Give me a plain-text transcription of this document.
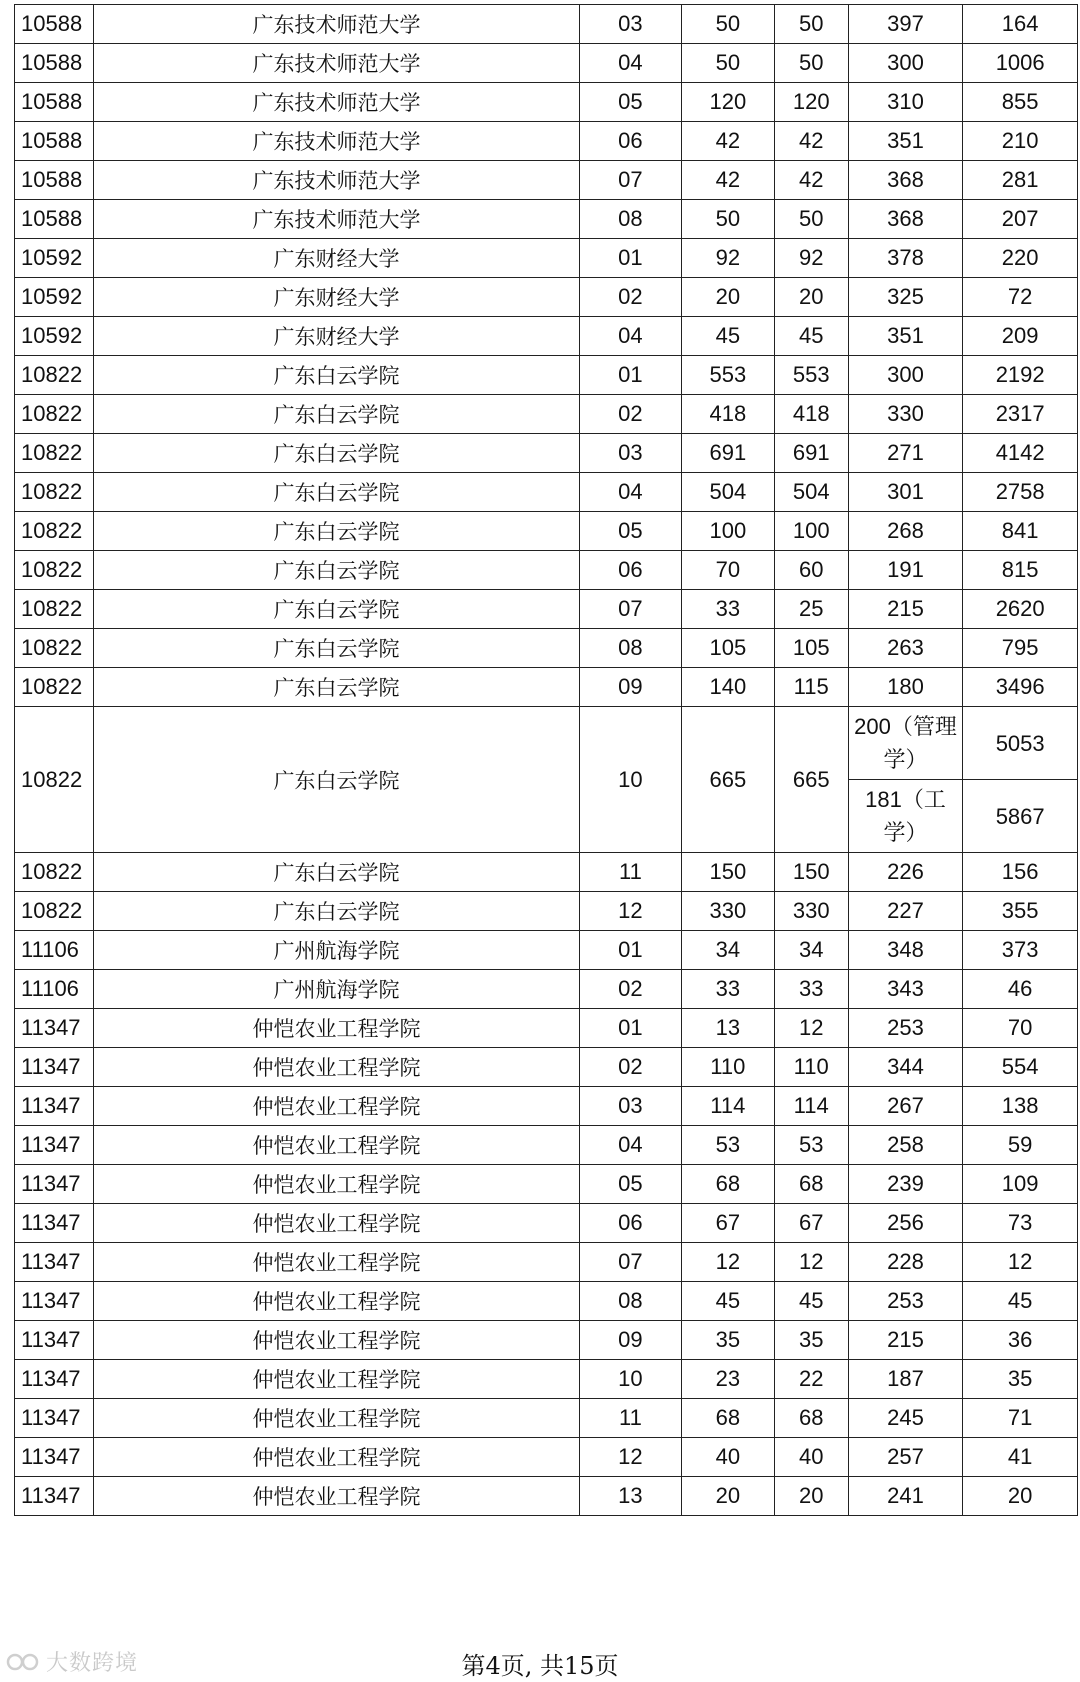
10588	广东技术师范大学	03	50	50	397	164
10588	广东技术师范大学	04	50	50	300	1006
10588	广东技术师范大学	05	120	120	310	855
10588	广东技术师范大学	06	42	42	351	210
10588	广东技术师范大学	07	42	42	368	281
10588	广东技术师范大学	08	50	50	368	207
10592	广东财经大学	01	92	92	378	220
10592	广东财经大学	02	20	20	325	72
10592	广东财经大学	04	45	45	351	209
10822	广东白云学院	01	553	553	300	2192
10822	广东白云学院	02	418	418	330	2317
10822	广东白云学院	03	691	691	271	4142
10822	广东白云学院	04	504	504	301	2758
10822	广东白云学院	05	100	100	268	841
10822	广东白云学院	06	70	60	191	815
10822	广东白云学院	07	33	25	215	2620
10822	广东白云学院	08	105	105	263	795
10822	广东白云学院	09	140	115	180	3496
10822	广东白云学院	10	665	665	200（管理学）	5053
					181（工学）	5867
10822	广东白云学院	11	150	150	226	156
10822	广东白云学院	12	330	330	227	355
11106	广州航海学院	01	34	34	348	373
11106	广州航海学院	02	33	33	343	46
11347	仲恺农业工程学院	01	13	12	253	70
11347	仲恺农业工程学院	02	110	110	344	554
11347	仲恺农业工程学院	03	114	114	267	138
11347	仲恺农业工程学院	04	53	53	258	59
11347	仲恺农业工程学院	05	68	68	239	109
11347	仲恺农业工程学院	06	67	67	256	73
11347	仲恺农业工程学院	07	12	12	228	12
11347	仲恺农业工程学院	08	45	45	253	45
11347	仲恺农业工程学院	09	35	35	215	36
11347	仲恺农业工程学院	10	23	22	187	35
11347	仲恺农业工程学院	11	68	68	245	71
11347	仲恺农业工程学院	12	40	40	257	41
11347	仲恺农业工程学院	13	20	20	241	20
大数跨境	第4页, 共15页
